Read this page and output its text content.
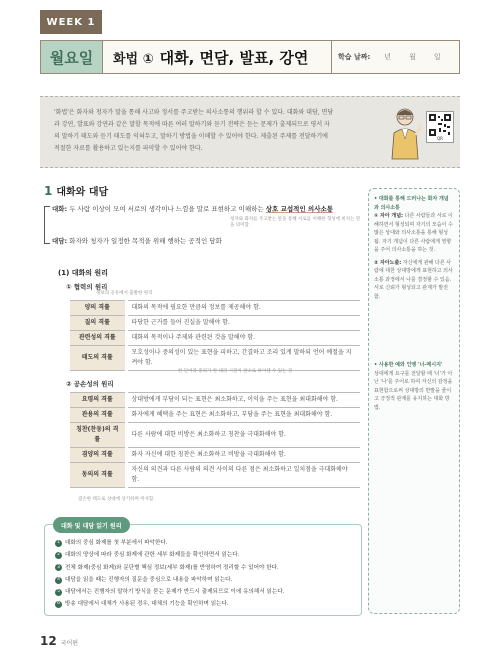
WEEK 1
월요일	화법 ① 대화, 면담, 발표, 강연	학습 날짜: 년	월	일
'화법'은 화자와 청자가 말을 통해 사고와 정서를 주고받는 의사소통의 행위라 할 수 있다. 대화와 대담, 면담과 강연, 발표와 강연과 같은 말할 목적에 따른 여러 말하기와 듣기 전략은 듣는 문제가 출제되므로 평서 자의 말하기 태도와 듣기 태도를 익혀두고, 말하기 방법을 이해할 수 있어야 한다. 제출된 주제를 전달하기에 적절한 자료를 활용하고 있는지를 파악할 수 있어야 한다.
QR
1 대화와 대담
대화: 두 사람 이상이 모여 서로의 생각이나 느낌을 말로 표현하고 이해하는 상호 교섭적인 의사소통
청자와 화자를 주고받는 말을 통해 서로를 이해한 형성에 비치는 말을 의미함.
대담: 화자와 청자가 일정한 목적을 위해 행하는 공적인 담화
(1) 대화의 원리
① 협력의 원리
정보의 공유에서 출발한 원리
양의 격률	대화의 목적에 필요한 만큼의 정보를 제공해야 함.
질의 격률	타당한 근거를 들어 진실을 말해야 함.
관련성의 격률	대화의 목적이나 주제와 관련된 것을 말해야 함.
태도의 격률	모호성이나 중의성이 있는 표현을 피하고, 간결하고 조리 있게 말하되 언어 예절을 지켜야 함.
한 단어라 중의가 한 대리 시전이 판소로 하이텐 수 있는 것
② 공손성의 원리
요령의 격률	상대방에게 부담이 되는 표현은 최소화하고, 이익을 주는 표현을 최대화해야 함.
관용의 격률	화자에게 혜택을 주는 표현은 최소화하고, 부담을 주는 표현을 최대화해야 함.
칭찬(찬동)의 격률	다른 사람에 대한 비방은 최소화하고 칭찬을 극대화해야 함.
겸양의 격률	화자 자신에 대한 칭찬은 최소화하고 비방을 극대화해야 함.
동의의 격률	자신의 의견과 다른 사람의 의견 사이의 다른 점은 최소화하고 일치점을 극대화해야 함.
겸손한 태도로 상대에 상기하며 미사함.
• 대화를 통해 드러나는 화자 개념 과 의사소통
① 자아 개념: 다른 사람들과 서로 이해하면서 형성되며 자기의 모습이 수많은 상대와 의사소통을 통해 형성됨. 자기 개념이 다른 사람에게 영향을 주어 의사소통을 하는 것.
② 자아노출: 자신에게 관해 다른 사람에 대한 상대방에게 표현하고 의사소통 과정에서 나를 결정할 수 있음. 서로 신뢰가 형성되고 관계가 발전함.
• 사용한 예와 인맹 '너-메시지'
상대에게 요구를 전달할 때 '너'가 아닌 '나'를 주어로 하여 자신의 감정을 표현함으로써 상대방의 반발을 줄이고 긍정적 관계를 유지하는 대화 방법.
대화 및 대담 읽기 원리
1 대화의 중심 화제를 첫 부분에서 파악한다.
2 대화의 양상에 따라 중심 화제에 관한 세부 화제들을 확인하면서 읽는다.
3 전체 화제(중심 화제)와 문단별 핵심 정보(세부 화제)를 반영하여 정리할 수 있어야 한다.
4 대담을 읽을 때는 진행자의 질문을 중심으로 내용을 파악하며 읽는다.
5 대담에서는 진행자의 말하기 방식을 묻는 문제가 반드시 출제되므로 이에 유의해서 읽는다.
6 방송 대담에서 대체가 사용된 경우, 대체의 기능을 확인하며 읽는다.
12 국어편
